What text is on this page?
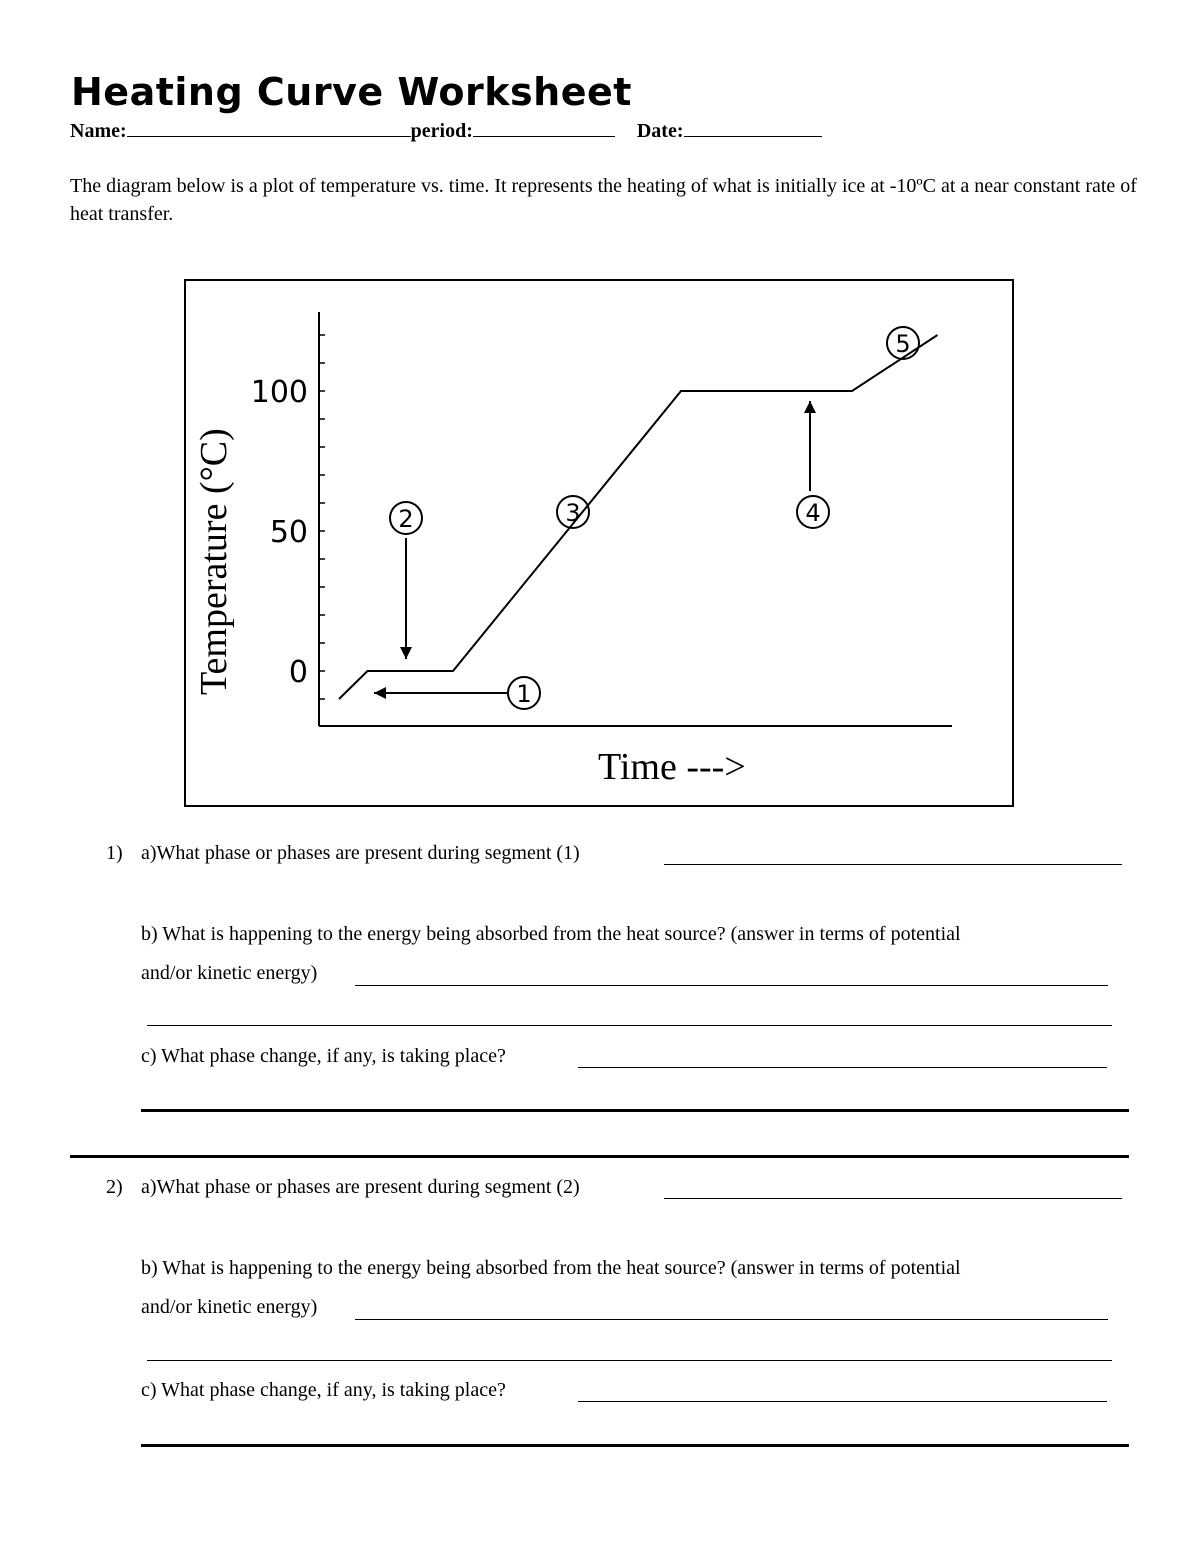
Heating Curve Worksheet
Name:	period:	Date:

The diagram below is a plot of temperature vs. time. It represents the heating of what is initially ice at -10ºC at a near constant rate of heat transfer.

100
50
0
Temperature (°C)
Time --->
1
2	3	4
5
1) a)What phase or phases are present during segment (1)
b) What is happening to the energy being absorbed from the heat source? (answer in terms of potential
and/or kinetic energy)
c) What phase change, if any, is taking place?
2) a)What phase or phases are present during segment (2)
b) What is happening to the energy being absorbed from the heat source? (answer in terms of potential
and/or kinetic energy)
c) What phase change, if any, is taking place?
